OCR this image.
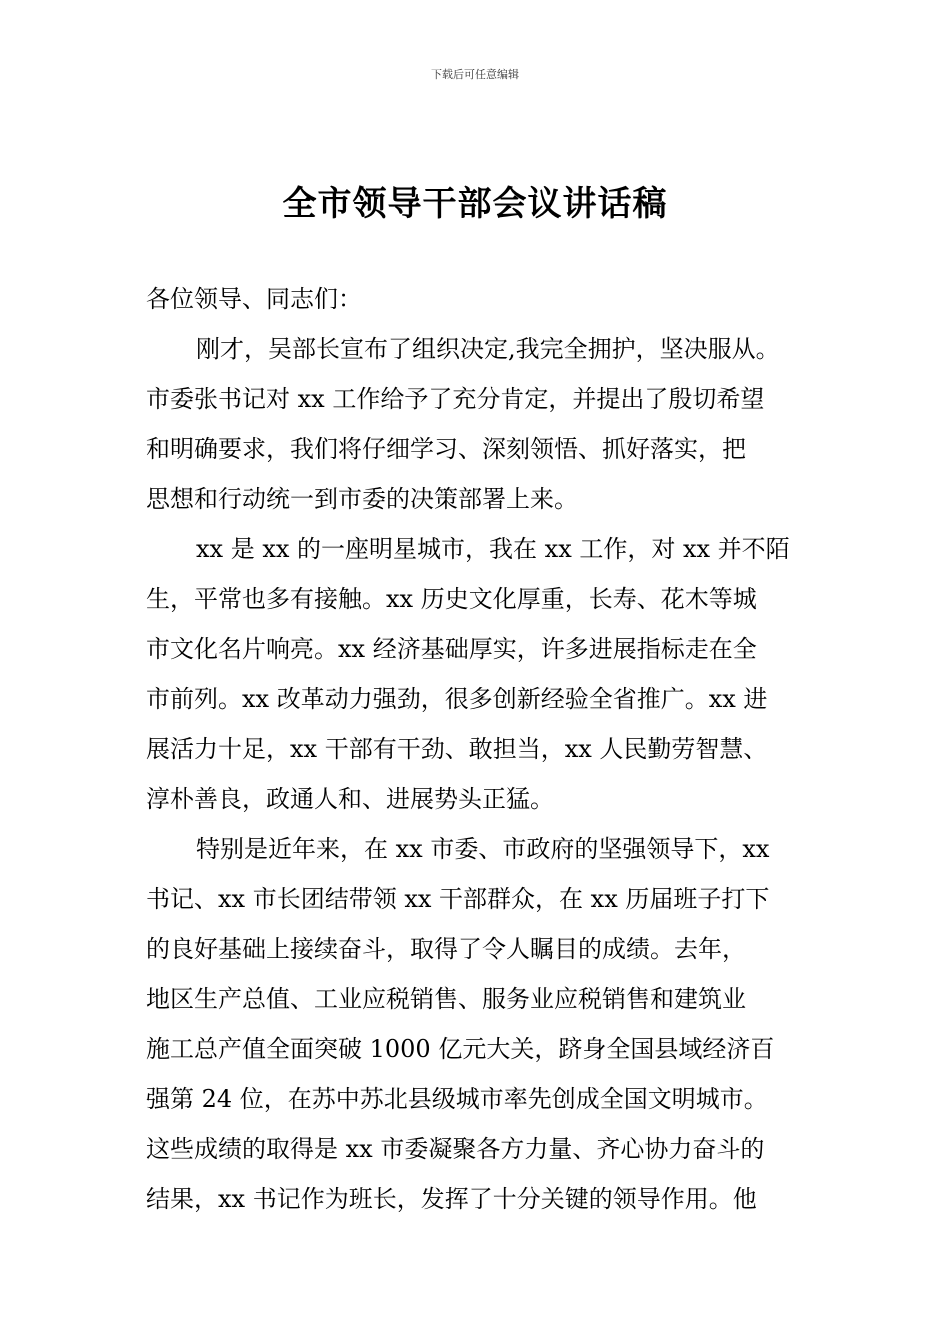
下载后可任意编辑
全市领导干部会议讲话稿
各位领导、同志们：
刚才，吴部长宣布了组织决定,我完全拥护，坚决服从。
市委张书记对 xx 工作给予了充分肯定，并提出了殷切希望
和明确要求，我们将仔细学习、深刻领悟、抓好落实，把
思想和行动统一到市委的决策部署上来。
xx 是 xx 的一座明星城市，我在 xx 工作，对 xx 并不陌
生，平常也多有接触。xx 历史文化厚重，长寿、花木等城
市文化名片响亮。xx 经济基础厚实，许多进展指标走在全
市前列。xx 改革动力强劲，很多创新经验全省推广。xx 进
展活力十足，xx 干部有干劲、敢担当，xx 人民勤劳智慧、
淳朴善良，政通人和、进展势头正猛。
特别是近年来，在 xx 市委、市政府的坚强领导下，xx
书记、xx 市长团结带领 xx 干部群众，在 xx 历届班子打下
的良好基础上接续奋斗，取得了令人瞩目的成绩。去年，
地区生产总值、工业应税销售、服务业应税销售和建筑业
施工总产值全面突破 1000 亿元大关，跻身全国县域经济百
强第 24 位，在苏中苏北县级城市率先创成全国文明城市。
这些成绩的取得是 xx 市委凝聚各方力量、齐心协力奋斗的
结果，xx 书记作为班长，发挥了十分关键的领导作用。他
